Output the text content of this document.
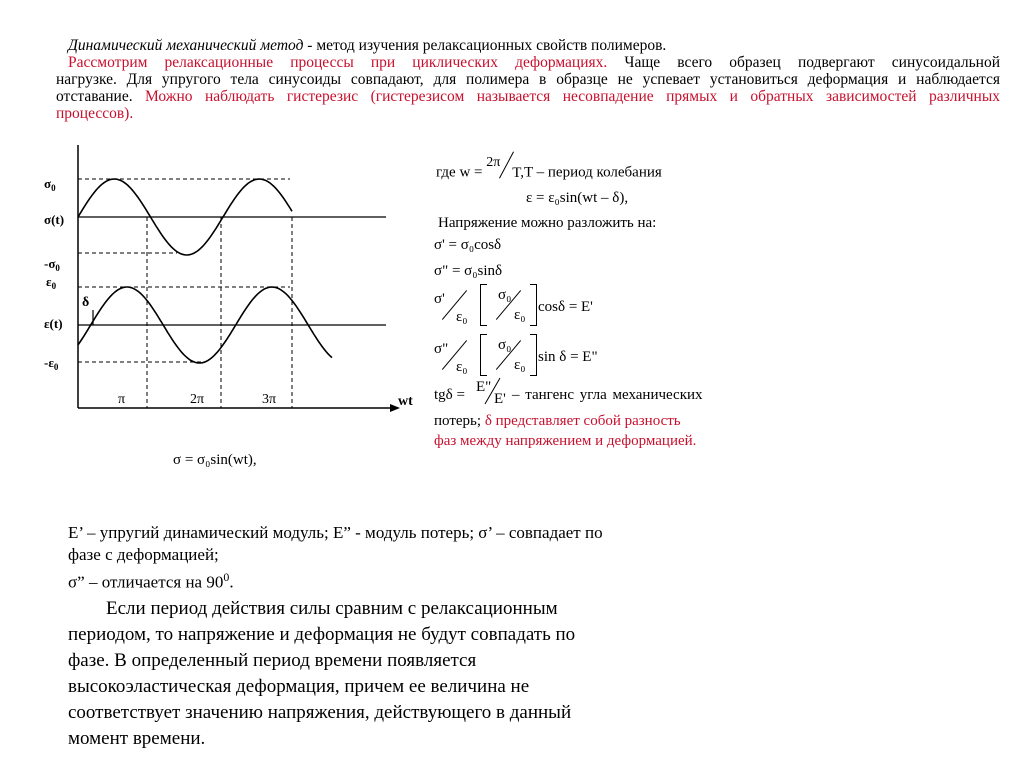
Динамический механический метод - метод изучения релаксационных свойств полимеров.
Рассмотрим релаксационные процессы при циклических деформациях. Чаще всего образец подвергают синусоидальной
нагрузке. Для упругого тела синусоиды совпадают, для полимера в образце не успевает установиться деформация и наблюдается
отставание. Можно наблюдать гистерезис (гистерезисом называется несовпадение прямых и обратных зависимостей различных
процессов).
$\sigma_0$
σ(t)
$-\sigma_0$
$\varepsilon_0$
δ
ε(t)
$-\varepsilon_0$
π	2π	3π	wt
σ = σ₀sin(wt),
где w =
2π
T
,T – период колебания
ε = ε₀sin(wt – δ),
Напряжение можно разложить на:
σ' = σ₀cosδ
σ" = σ₀sinδ
σ'
ε₀
σ₀
ε₀ cosδ = E'
σ"
ε₀
σ₀
ε₀ sin δ = E"
tgδ = E"
E' – тангенс угла механических
потерь; δ представляет собой разность
фаз между напряжением и деформацией.
E’ – упругий динамический модуль; E” - модуль потерь; σ’ – совпадает по
фазе с деформацией;
σ” – отличается на $90^0$.
Если период действия силы сравним с релаксационным
периодом, то напряжение и деформация не будут совпадать по
фазе. В определенный период времени появляется
высокоэластическая деформация, причем ее величина не
соответствует значению напряжения, действующего в данный
момент времени.
